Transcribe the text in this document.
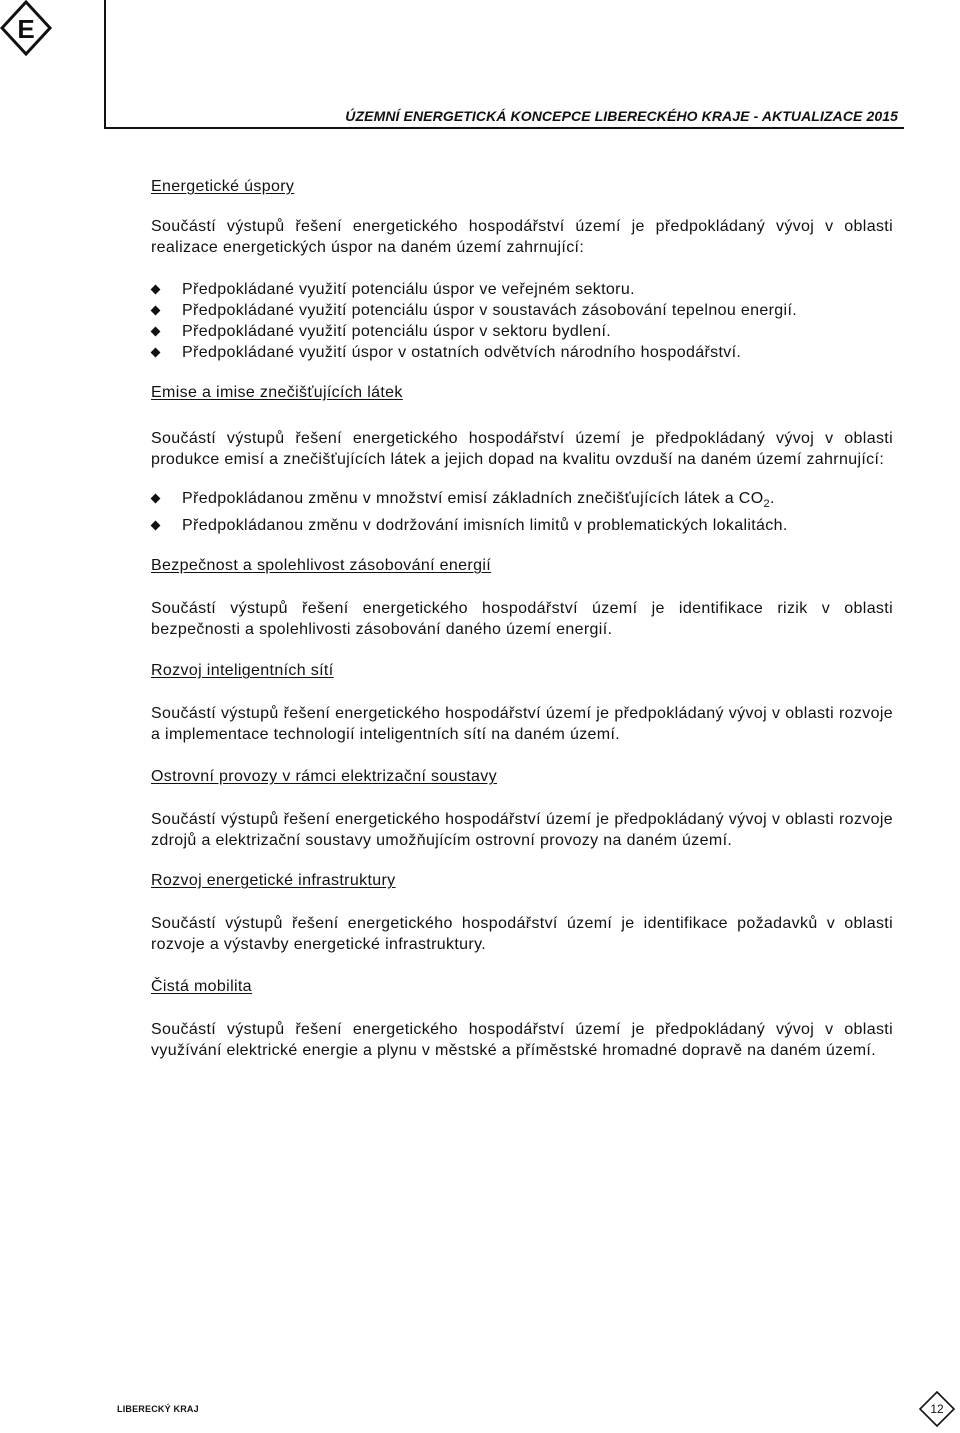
E
ÚZEMNÍ ENERGETICKÁ KONCEPCE LIBERECKÉHO KRAJE - AKTUALIZACE 2015
Energetické úspory

Součástí výstupů řešení energetického hospodářství území je předpokládaný vývoj v oblasti realizace energetických úspor na daném území zahrnující:

Předpokládané využití potenciálu úspor ve veřejném sektoru.
Předpokládané využití potenciálu úspor v soustavách zásobování tepelnou energií.
Předpokládané využití potenciálu úspor v sektoru bydlení.
Předpokládané využití úspor v ostatních odvětvích národního hospodářství.
Emise a imise znečišťujících látek

Součástí výstupů řešení energetického hospodářství území je předpokládaný vývoj v oblasti produkce emisí a znečišťujících látek a jejich dopad na kvalitu ovzduší na daném území zahrnující:

Předpokládanou změnu v množství emisí základních znečišťujících látek a $CO_2$.
Předpokládanou změnu v dodržování imisních limitů v problematických lokalitách.
Bezpečnost a spolehlivost zásobování energií

Součástí výstupů řešení energetického hospodářství území je identifikace rizik v oblasti bezpečnosti a spolehlivosti zásobování daného území energií.

Rozvoj inteligentních sítí

Součástí výstupů řešení energetického hospodářství území je předpokládaný vývoj v oblasti rozvoje a implementace technologií inteligentních sítí na daném území.

Ostrovní provozy v rámci elektrizační soustavy

Součástí výstupů řešení energetického hospodářství území je předpokládaný vývoj v oblasti rozvoje zdrojů a elektrizační soustavy umožňujícím ostrovní provozy na daném území.

Rozvoj energetické infrastruktury

Součástí výstupů řešení energetického hospodářství území je identifikace požadavků v oblasti rozvoje a výstavby energetické infrastruktury.

Čistá mobilita

Součástí výstupů řešení energetického hospodářství území je předpokládaný vývoj v oblasti využívání elektrické energie a plynu v městské a příměstské hromadné dopravě na daném území.

LIBERECKÝ KRAJ	12
